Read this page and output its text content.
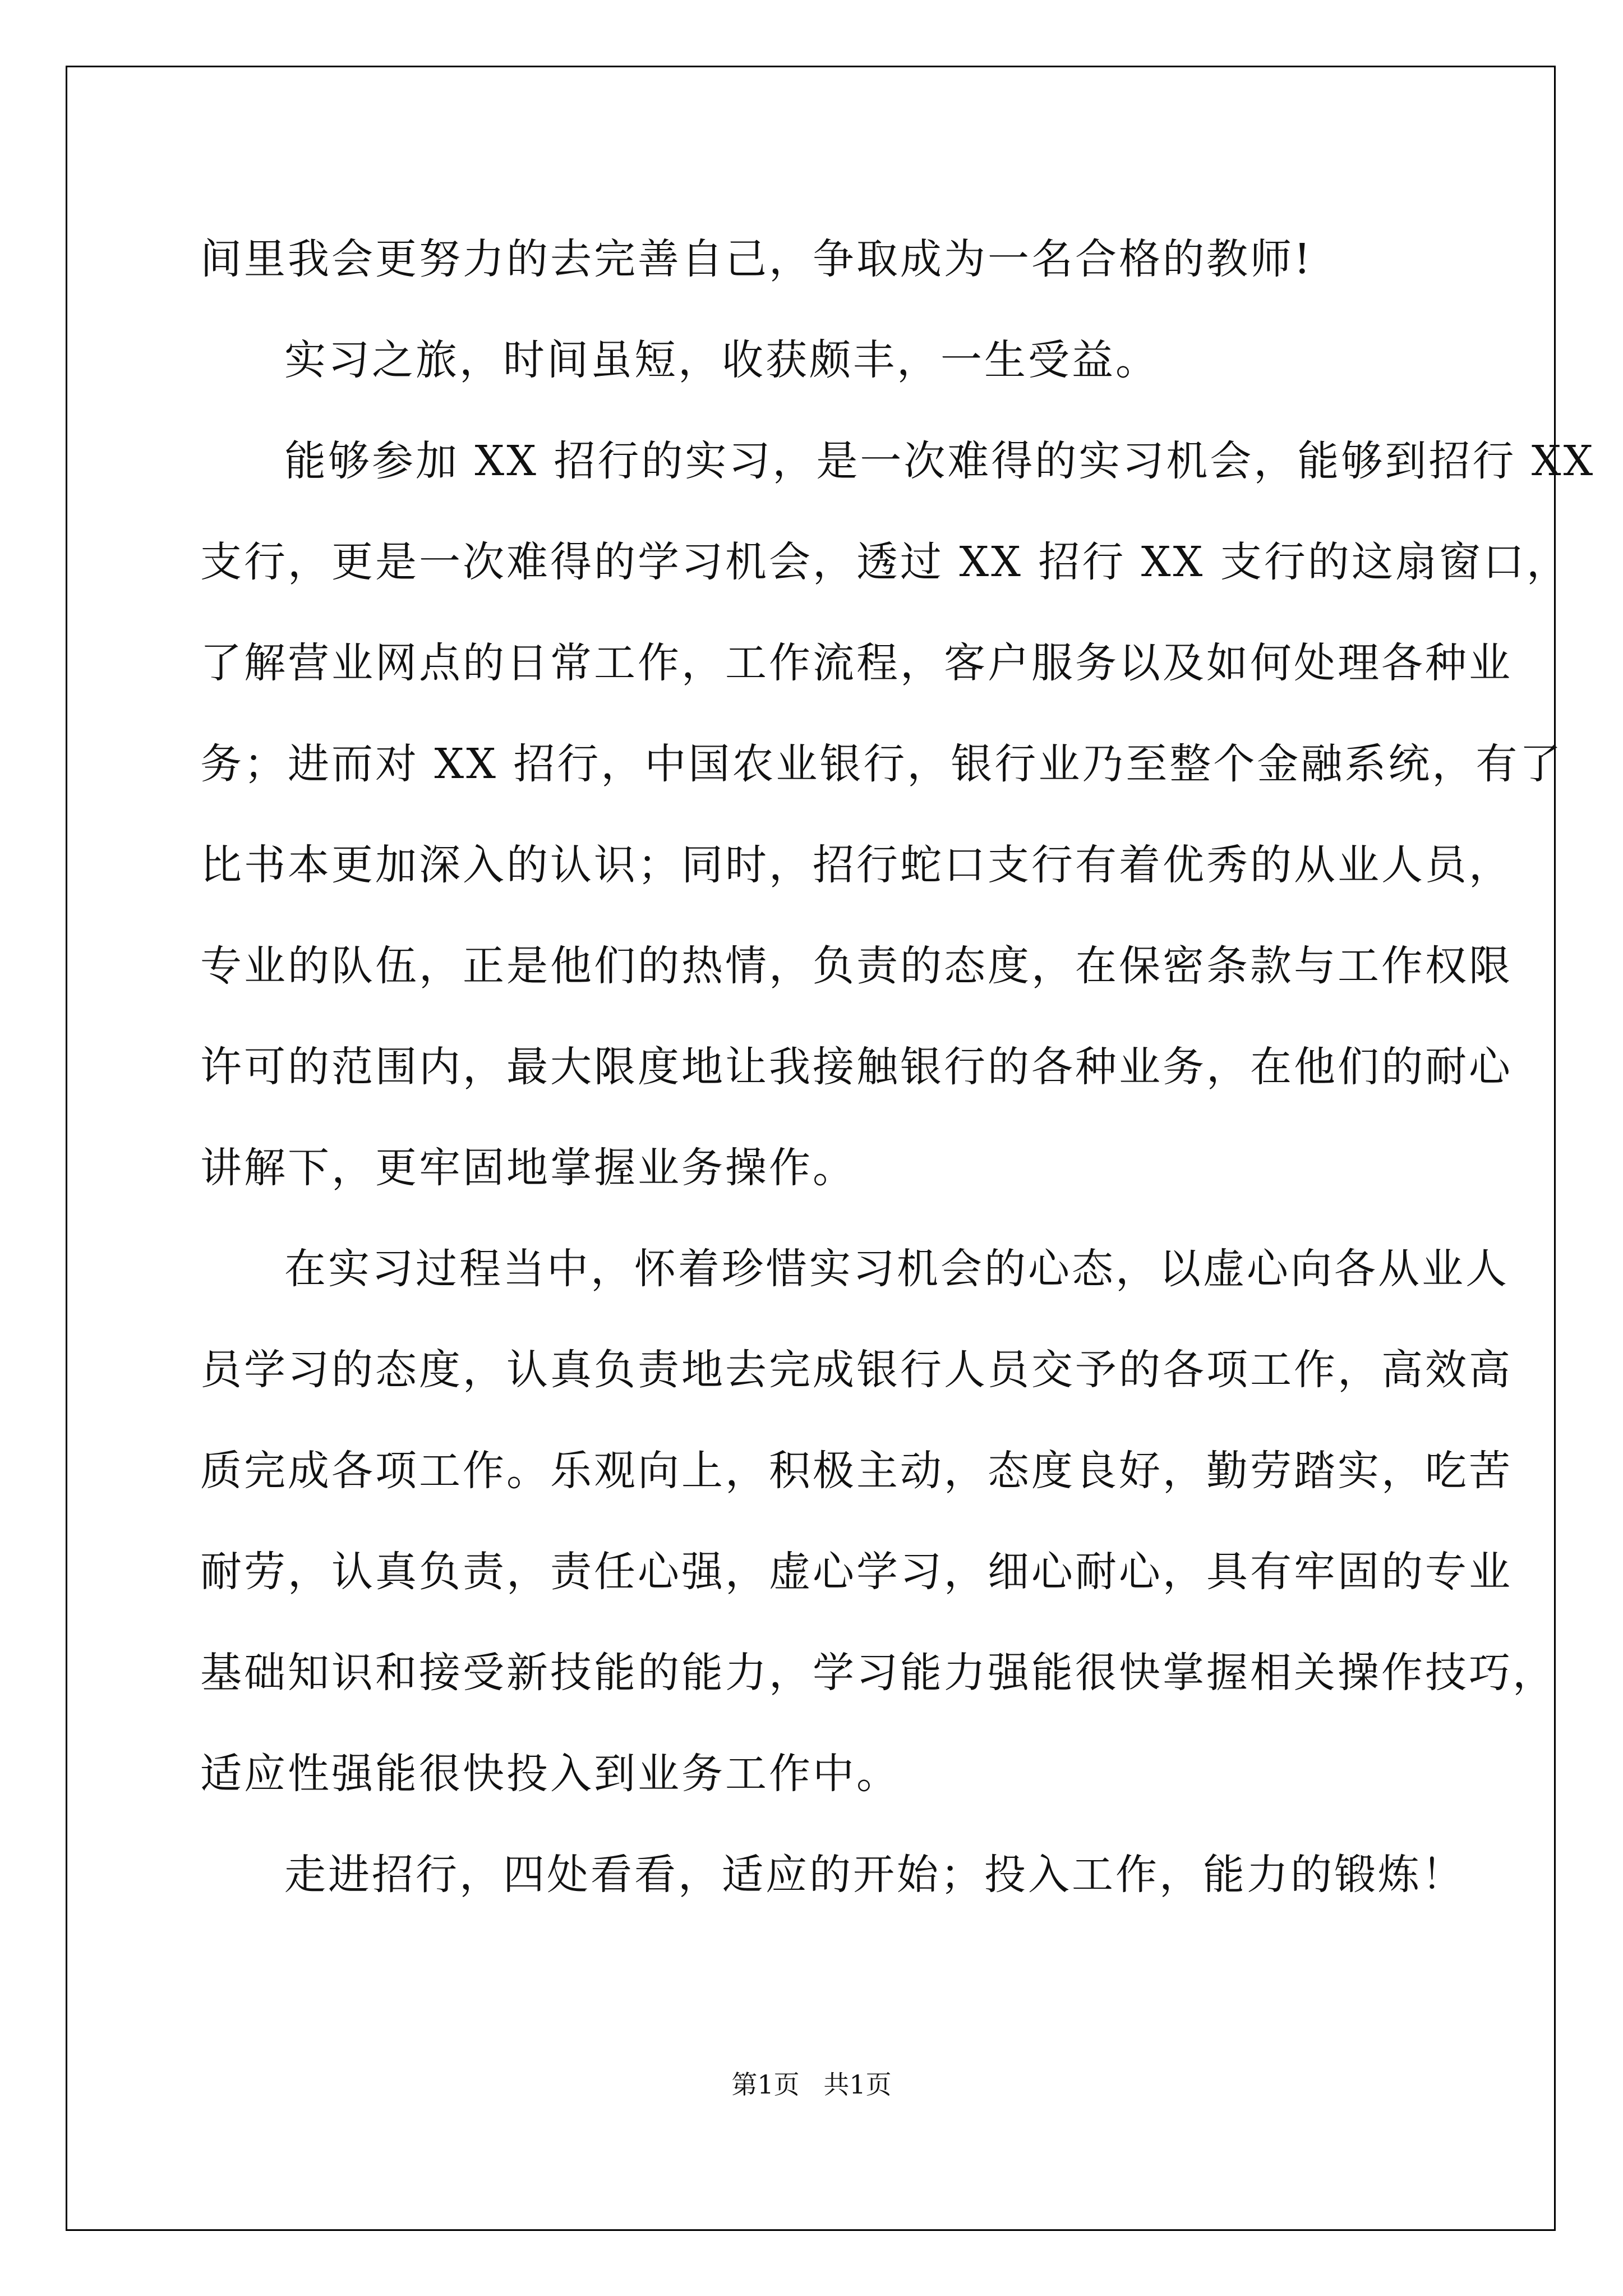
间里我会更努力的去完善自己，争取成为一名合格的教师!

实习之旅，时间虽短，收获颇丰，一生受益。

能够参加 XX 招行的实习，是一次难得的实习机会，能够到招行 XX

支行，更是一次难得的学习机会，透过 XX 招行 XX 支行的这扇窗口，

了解营业网点的日常工作，工作流程，客户服务以及如何处理各种业

务；进而对 XX 招行，中国农业银行，银行业乃至整个金融系统，有了

比书本更加深入的认识；同时，招行蛇口支行有着优秀的从业人员，

专业的队伍，正是他们的热情，负责的态度，在保密条款与工作权限

许可的范围内，最大限度地让我接触银行的各种业务，在他们的耐心

讲解下，更牢固地掌握业务操作。

在实习过程当中，怀着珍惜实习机会的心态，以虚心向各从业人

员学习的态度，认真负责地去完成银行人员交予的各项工作，高效高

质完成各项工作。乐观向上，积极主动，态度良好，勤劳踏实，吃苦

耐劳，认真负责，责任心强，虚心学习，细心耐心，具有牢固的专业

基础知识和接受新技能的能力，学习能力强能很快掌握相关操作技巧，

适应性强能很快投入到业务工作中。

走进招行，四处看看，适应的开始；投入工作，能力的锻炼！

第1页 共1页
